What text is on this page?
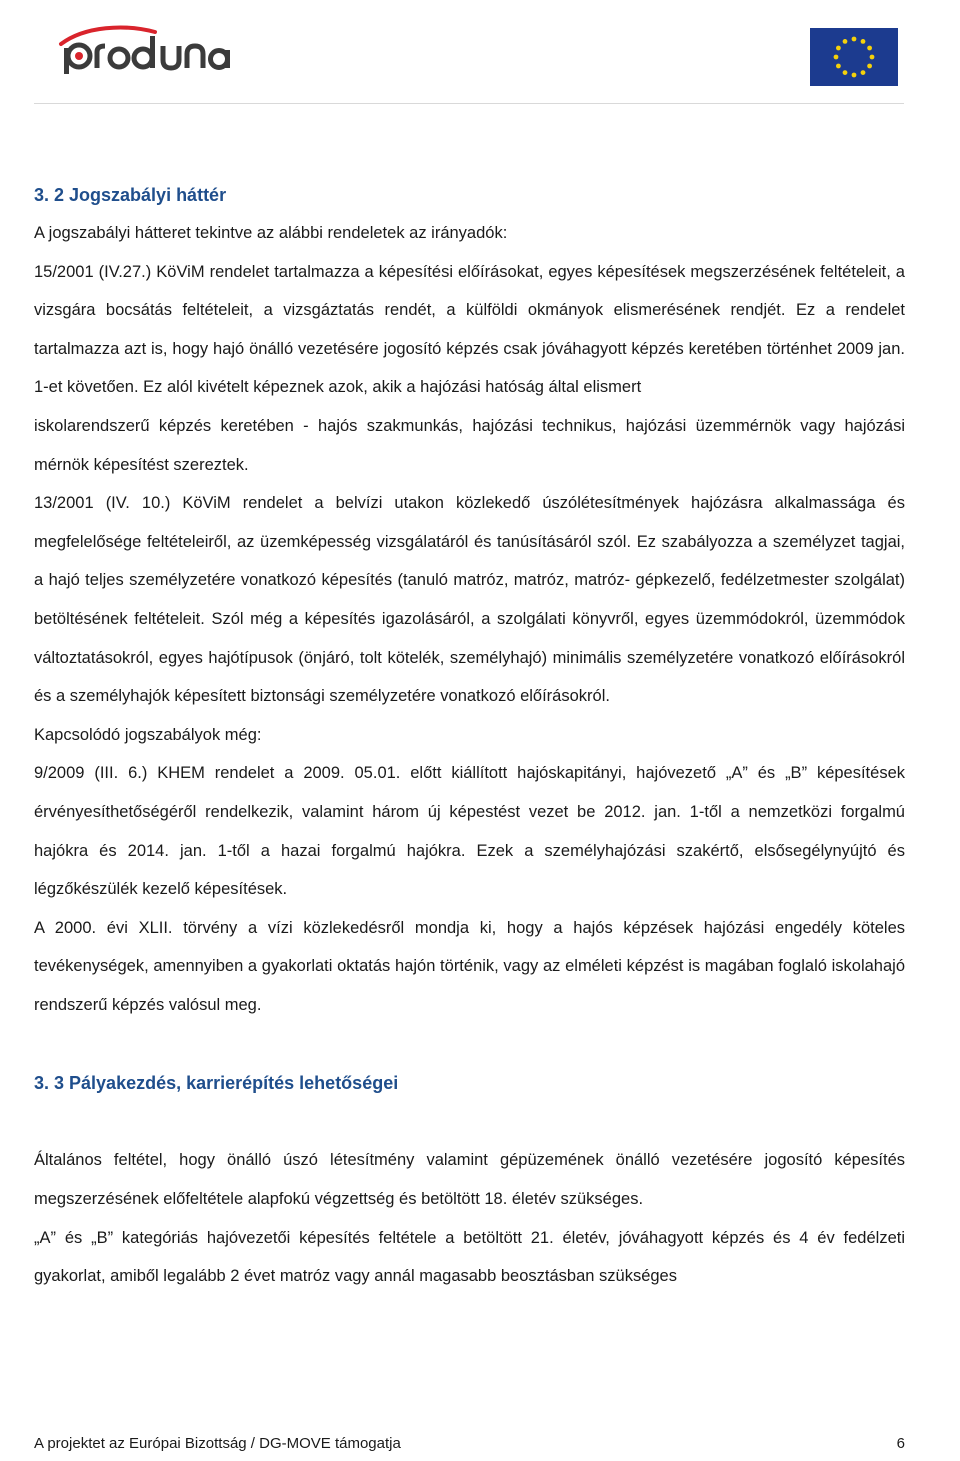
3. 2 Jogszabályi háttér

A jogszabályi hátteret tekintve az alábbi rendeletek az irányadók:

15/2001 (IV.27.) KöViM rendelet tartalmazza a képesítési előírásokat, egyes képesítések megszerzésének feltételeit, a vizsgára bocsátás feltételeit, a vizsgáztatás rendét, a külföldi okmányok elismerésének rendjét. Ez a rendelet tartalmazza azt is, hogy hajó önálló vezetésére jogosító képzés csak jóváhagyott képzés keretében történhet 2009 jan. 1-et követően. Ez alól kivételt képeznek azok, akik a hajózási hatóság által elismert

iskolarendszerű képzés keretében - hajós szakmunkás, hajózási technikus, hajózási üzemmérnök vagy hajózási mérnök képesítést szereztek.

13/2001 (IV. 10.) KöViM rendelet a belvízi utakon közlekedő úszólétesítmények hajózásra alkalmassága és megfelelősége feltételeiről, az üzemképesség vizsgálatáról és tanúsításáról szól. Ez szabályozza a személyzet tagjai, a hajó teljes személyzetére vonatkozó képesítés (tanuló matróz, matróz, matróz- gépkezelő, fedélzetmester szolgálat) betöltésének feltételeit. Szól még a képesítés igazolásáról, a szolgálati könyvről, egyes üzemmódokról, üzemmódok változtatásokról, egyes hajótípusok (önjáró, tolt kötelék, személyhajó) minimális személyzetére vonatkozó előírásokról és a személyhajók képesített biztonsági személyzetére vonatkozó előírásokról.

Kapcsolódó jogszabályok még:

9/2009 (III. 6.) KHEM rendelet a 2009. 05.01. előtt kiállított hajóskapitányi, hajóvezető „A” és „B” képesítések érvényesíthetőségéről rendelkezik, valamint három új képestést vezet be 2012. jan. 1-től a nemzetközi forgalmú hajókra és 2014. jan. 1-től a hazai forgalmú hajókra. Ezek a személyhajózási szakértő, elsősegélynyújtó és légzőkészülék kezelő képesítések.

A 2000. évi XLII. törvény a vízi közlekedésről mondja ki, hogy a hajós képzések hajózási engedély köteles tevékenységek, amennyiben a gyakorlati oktatás hajón történik, vagy az elméleti képzést is magában foglaló iskolahajó rendszerű képzés valósul meg.

3. 3 Pályakezdés, karrierépítés lehetőségei

Általános feltétel, hogy önálló úszó létesítmény valamint gépüzemének önálló vezetésére jogosító képesítés megszerzésének előfeltétele alapfokú végzettség és betöltött 18. életév szükséges.

„A” és „B” kategóriás hajóvezetői képesítés feltétele a betöltött 21. életév, jóváhagyott képzés és 4 év fedélzeti gyakorlat, amiből legalább 2 évet matróz vagy annál magasabb beosztásban szükséges

A projektet az Európai Bizottság / DG-MOVE támogatja	6
